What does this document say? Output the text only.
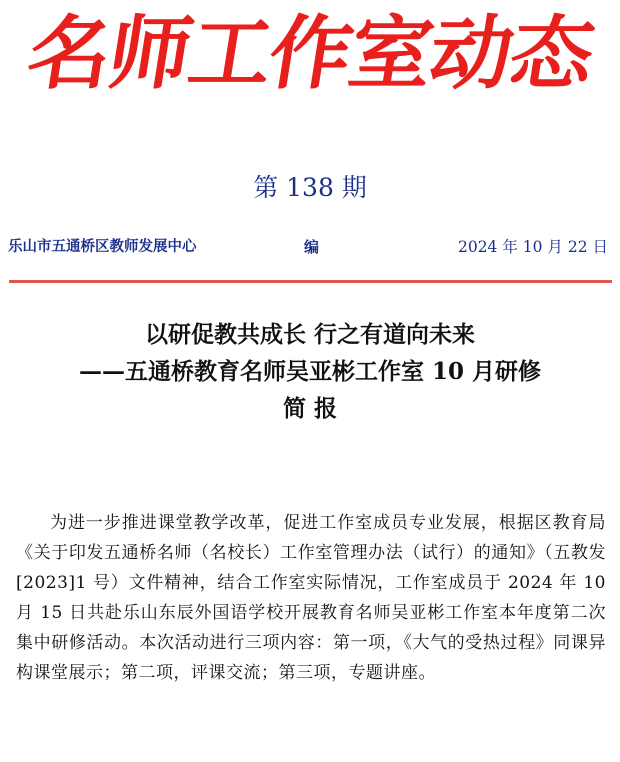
名师工作室动态
第 138 期
乐山市五通桥区教师发展中心	编	2024 年 10 月 22 日
以研促教共成长 行之有道向未来
——五通桥教育名师吴亚彬工作室 10 月研修
简 报

为进一步推进课堂教学改革，促进工作室成员专业发展，根据区教育局《关于印发五通桥名师（名校长）工作室管理办法（试行）的通知》（五教发[2023]1 号）文件精神，结合工作室实际情况，工作室成员于 2024 年 10 月 15 日共赴乐山东辰外国语学校开展教育名师吴亚彬工作室本年度第二次集中研修活动。本次活动进行三项内容：第一项，《大气的受热过程》同课异构课堂展示；第二项，评课交流；第三项，专题讲座。
